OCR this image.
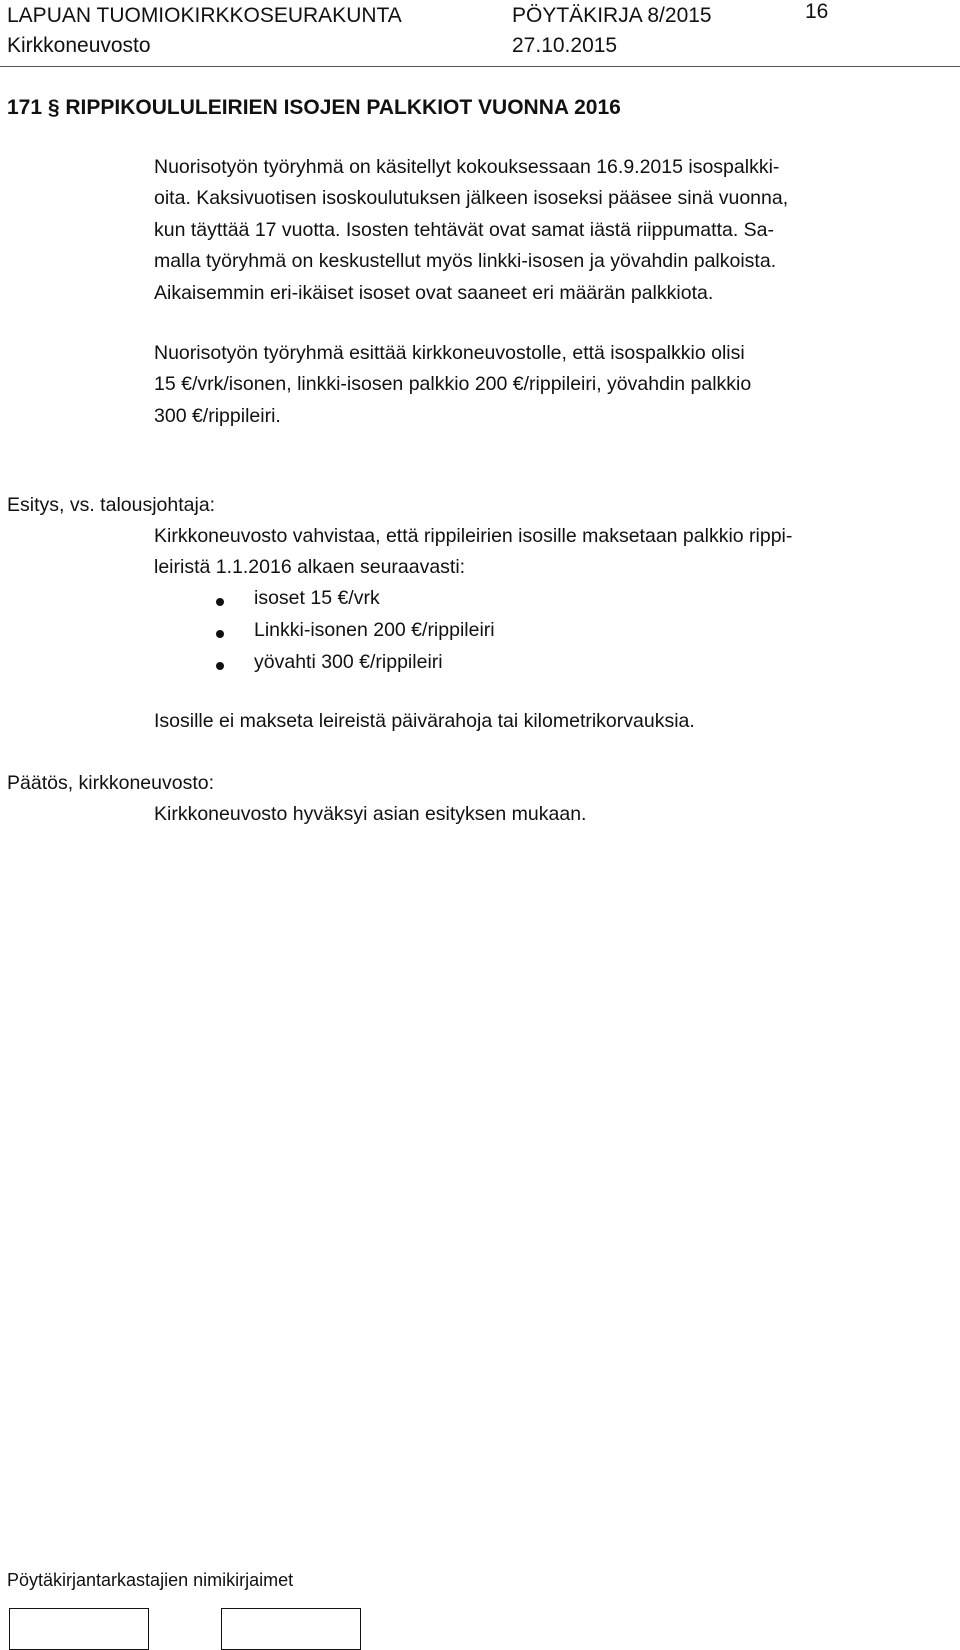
LAPUAN TUOMIOKIRKKOSEURAKUNTA	PÖYTÄKIRJA 8/2015	16
Kirkkoneuvosto	27.10.2015
171 § RIPPIKOULULEIRIEN ISOJEN PALKKIOT VUONNA 2016
Nuorisotyön työryhmä on käsitellyt kokouksessaan 16.9.2015 isospalkki-
oita. Kaksivuotisen isoskoulutuksen jälkeen isoseksi pääsee sinä vuonna,
kun täyttää 17 vuotta. Isosten tehtävät ovat samat iästä riippumatta. Sa-
malla työryhmä on keskustellut myös linkki-isosen ja yövahdin palkoista.
Aikaisemmin eri-ikäiset isoset ovat saaneet eri määrän palkkiota.
Nuorisotyön työryhmä esittää kirkkoneuvostolle, että isospalkkio olisi
15 €/vrk/isonen, linkki-isosen palkkio 200 €/rippileiri, yövahdin palkkio
300 €/rippileiri.
Esitys, vs. talousjohtaja:
Kirkkoneuvosto vahvistaa, että rippileirien isosille maksetaan palkkio rippi-
leiristä 1.1.2016 alkaen seuraavasti:
isoset 15 €/vrk
Linkki-isonen 200 €/rippileiri
yövahti 300 €/rippileiri
Isosille ei makseta leireistä päivärahoja tai kilometrikorvauksia.
Päätös, kirkkoneuvosto:
Kirkkoneuvosto hyväksyi asian esityksen mukaan.
Pöytäkirjantarkastajien nimikirjaimet
